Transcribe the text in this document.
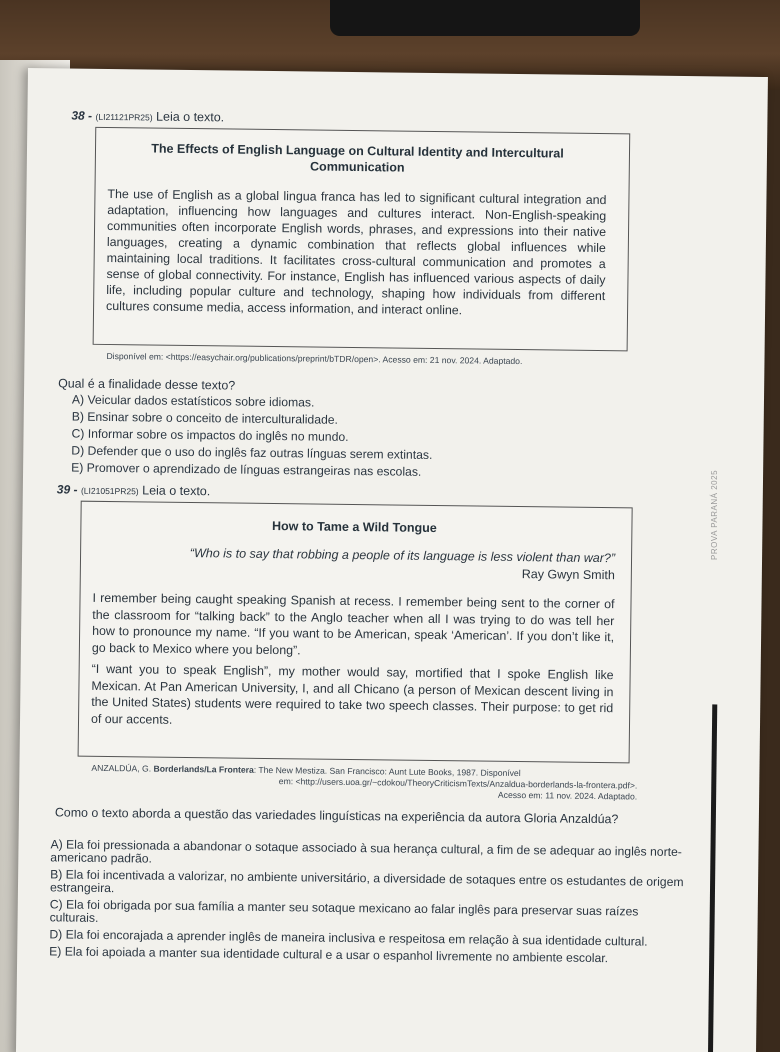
38 - (LI21121PR25) Leia o texto.
The Effects of English Language on Cultural Identity and Intercultural
Communication
The use of English as a global lingua franca has led to significant cultural integration and adaptation, influencing how languages and cultures interact. Non-English-speaking communities often incorporate English words, phrases, and expressions into their native languages, creating a dynamic combination that reflects global influences while maintaining local traditions. It facilitates cross-cultural communication and promotes a sense of global connectivity. For instance, English has influenced various aspects of daily life, including popular culture and technology, shaping how individuals from different cultures consume media, access information, and interact online.
Disponível em: <https://easychair.org/publications/preprint/bTDR/open>. Acesso em: 21 nov. 2024. Adaptado.
Qual é a finalidade desse texto?
A) Veicular dados estatísticos sobre idiomas.
B) Ensinar sobre o conceito de interculturalidade.
C) Informar sobre os impactos do inglês no mundo.
D) Defender que o uso do inglês faz outras línguas serem extintas.
E) Promover o aprendizado de línguas estrangeiras nas escolas.
39 - (LI21051PR25) Leia o texto.
How to Tame a Wild Tongue
“Who is to say that robbing a people of its language is less violent than war?”
Ray Gwyn Smith
I remember being caught speaking Spanish at recess. I remember being sent to the corner of the classroom for “talking back” to the Anglo teacher when all I was trying to do was tell her how to pronounce my name. “If you want to be American, speak ‘American’. If you don’t like it, go back to Mexico where you belong”.
“I want you to speak English”, my mother would say, mortified that I spoke English like Mexican. At Pan American University, I, and all Chicano (a person of Mexican descent living in the United States) students were required to take two speech classes. Their purpose: to get rid of our accents.
ANZALDÚA, G. Borderlands/La Frontera: The New Mestiza. San Francisco: Aunt Lute Books, 1987. Disponível
em: <http://users.uoa.gr/~cdokou/TheoryCriticismTexts/Anzaldua-borderlands-la-frontera.pdf>.
Acesso em: 11 nov. 2024. Adaptado.
Como o texto aborda a questão das variedades linguísticas na experiência da autora Gloria Anzaldúa?
A) Ela foi pressionada a abandonar o sotaque associado à sua herança cultural, a fim de se adequar ao inglês norte-americano padrão.
B) Ela foi incentivada a valorizar, no ambiente universitário, a diversidade de sotaques entre os estudantes de origem estrangeira.
C) Ela foi obrigada por sua família a manter seu sotaque mexicano ao falar inglês para preservar suas raízes culturais.
D) Ela foi encorajada a aprender inglês de maneira inclusiva e respeitosa em relação à sua identidade cultural.
E) Ela foi apoiada a manter sua identidade cultural e a usar o espanhol livremente no ambiente escolar.
PROVA PARANÁ 2025
